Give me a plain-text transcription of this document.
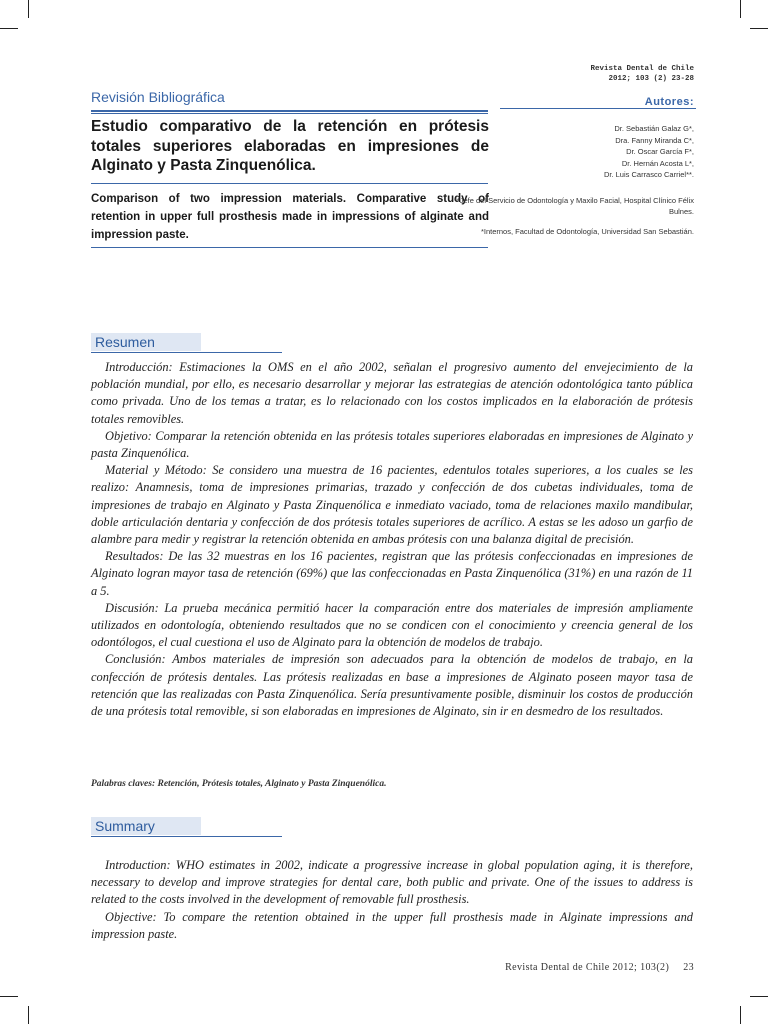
Revista Dental de Chile
2012; 103 (2) 23-28
Revisión Bibliográfica
Estudio comparativo de la retención en prótesis totales superiores elaboradas en impresiones de Alginato y Pasta Zinquenólica.
Comparison of two impression materials. Comparative study of retention in upper full prosthesis made in impressions of alginate and impression paste.
Autores:
Dr. Sebastián Galaz G*,
Dra. Fanny Miranda C*,
Dr. Oscar García F*,
Dr. Hernán Acosta L*,
Dr. Luis Carrasco Carriel**.
**Jefe del Servicio de Odontología y Maxilo Facial, Hospital Clínico Félix Bulnes.
*Internos, Facultad de Odontología, Universidad San Sebastián.
Resumen

Introducción: Estimaciones la OMS en el año 2002, señalan el progresivo aumento del envejecimiento de la población mundial, por ello, es necesario desarrollar y mejorar las estrategias de atención odontológica tanto pública como privada. Uno de los temas a tratar, es lo relacionado con los costos implicados en la elaboración de prótesis totales removibles.

Objetivo: Comparar la retención obtenida en las prótesis totales superiores elaboradas en impresiones de Alginato y pasta Zinquenólica.

Material y Método: Se considero una muestra de 16 pacientes, edentulos totales superiores, a los cuales se les realizo: Anamnesis, toma de impresiones primarias, trazado y confección de dos cubetas individuales, toma de impresiones de trabajo en Alginato y Pasta Zinquenólica e inmediato vaciado, toma de relaciones maxilo mandibular, doble articulación dentaria y confección de dos prótesis totales superiores de acrílico. A estas se les adoso un garfio de alambre para medir y registrar la retención obtenida en ambas prótesis con una balanza digital de precisión.

Resultados: De las 32 muestras en los 16 pacientes, registran que las prótesis confeccionadas en impresiones de Alginato logran mayor tasa de retención (69%) que las confeccionadas en Pasta Zinquenólica (31%) en una razón de 11 a 5.

Discusión: La prueba mecánica permitió hacer la comparación entre dos materiales de impresión ampliamente utilizados en odontología, obteniendo resultados que no se condicen con el conocimiento y creencia general de los odontólogos, el cual cuestiona el uso de Alginato para la obtención de modelos de trabajo.

Conclusión: Ambos materiales de impresión son adecuados para la obtención de modelos de trabajo, en la confección de prótesis dentales. Las prótesis realizadas en base a impresiones de Alginato poseen mayor tasa de retención que las realizadas con Pasta Zinquenólica. Sería presuntivamente posible, disminuir los costos de producción de una prótesis total removible, si son elaboradas en impresiones de Alginato, sin ir en desmedro de los resultados.

Palabras claves: Retención, Prótesis totales, Alginato y Pasta Zinquenólica.
Summary

Introduction: WHO estimates in 2002, indicate a progressive increase in global population aging, it is therefore, necessary to develop and improve strategies for dental care, both public and private. One of the issues to address is related to the costs involved in the development of removable full prosthesis.

Objective: To compare the retention obtained in the upper full prosthesis made in Alginate impressions and impression paste.

Revista Dental de Chile 2012; 103(2) 23
